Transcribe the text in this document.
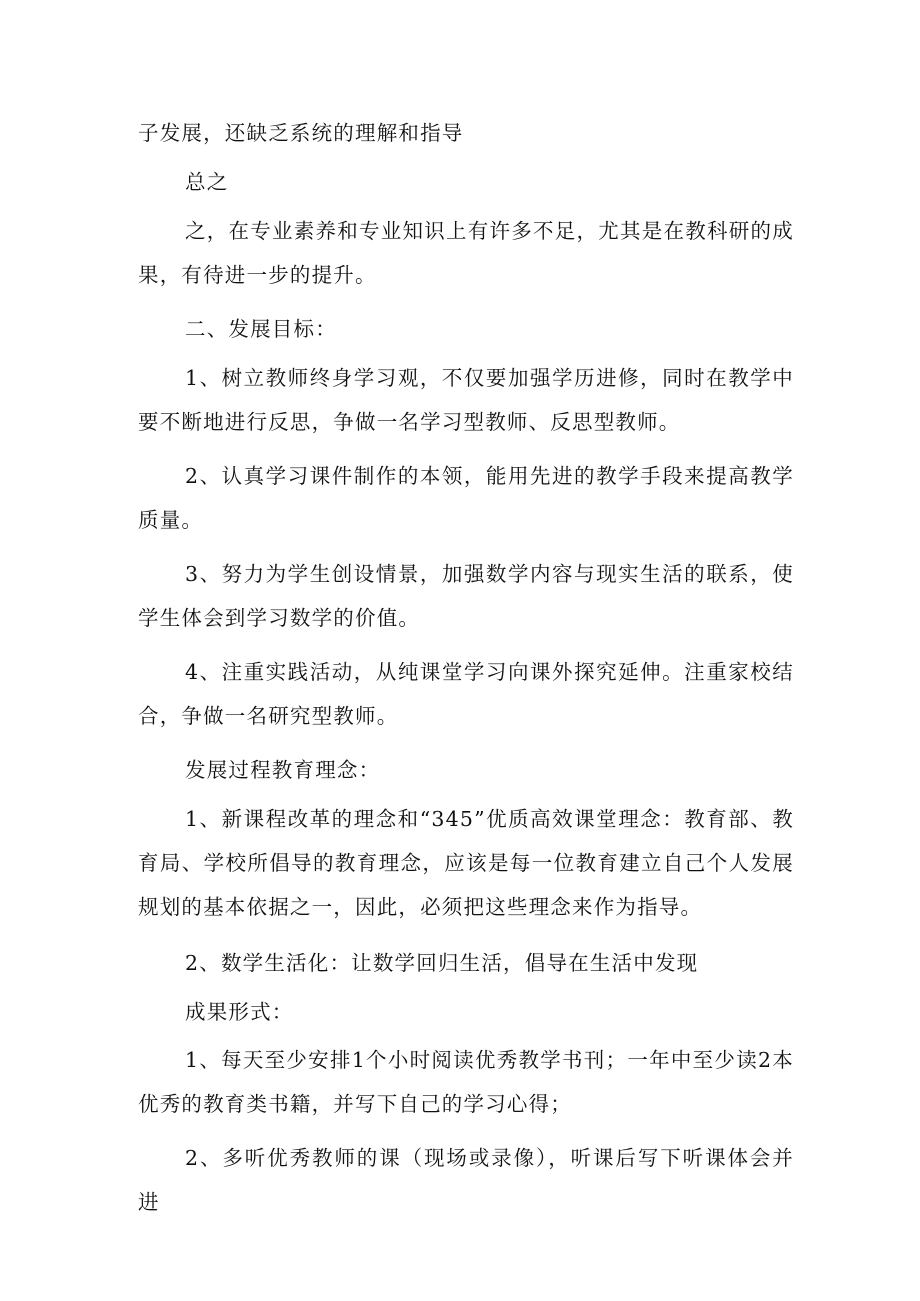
子发展，还缺乏系统的理解和指导

总之

之，在专业素养和专业知识上有许多不足，尤其是在教科研的成果，有待进一步的提升。

二、发展目标：

1、树立教师终身学习观，不仅要加强学历进修，同时在教学中要不断地进行反思，争做一名学习型教师、反思型教师。

2、认真学习课件制作的本领，能用先进的教学手段来提高教学质量。

3、努力为学生创设情景，加强数学内容与现实生活的联系，使学生体会到学习数学的价值。

4、注重实践活动，从纯课堂学习向课外探究延伸。注重家校结合，争做一名研究型教师。

发展过程教育理念：

1、新课程改革的理念和“345”优质高效课堂理念：教育部、教育局、学校所倡导的教育理念，应该是每一位教育建立自己个人发展规划的基本依据之一，因此，必须把这些理念来作为指导。

2、数学生活化：让数学回归生活，倡导在生活中发现

成果形式：

1、每天至少安排1个小时阅读优秀教学书刊；一年中至少读2本优秀的教育类书籍，并写下自己的学习心得；

2、多听优秀教师的课（现场或录像），听课后写下听课体会并进
